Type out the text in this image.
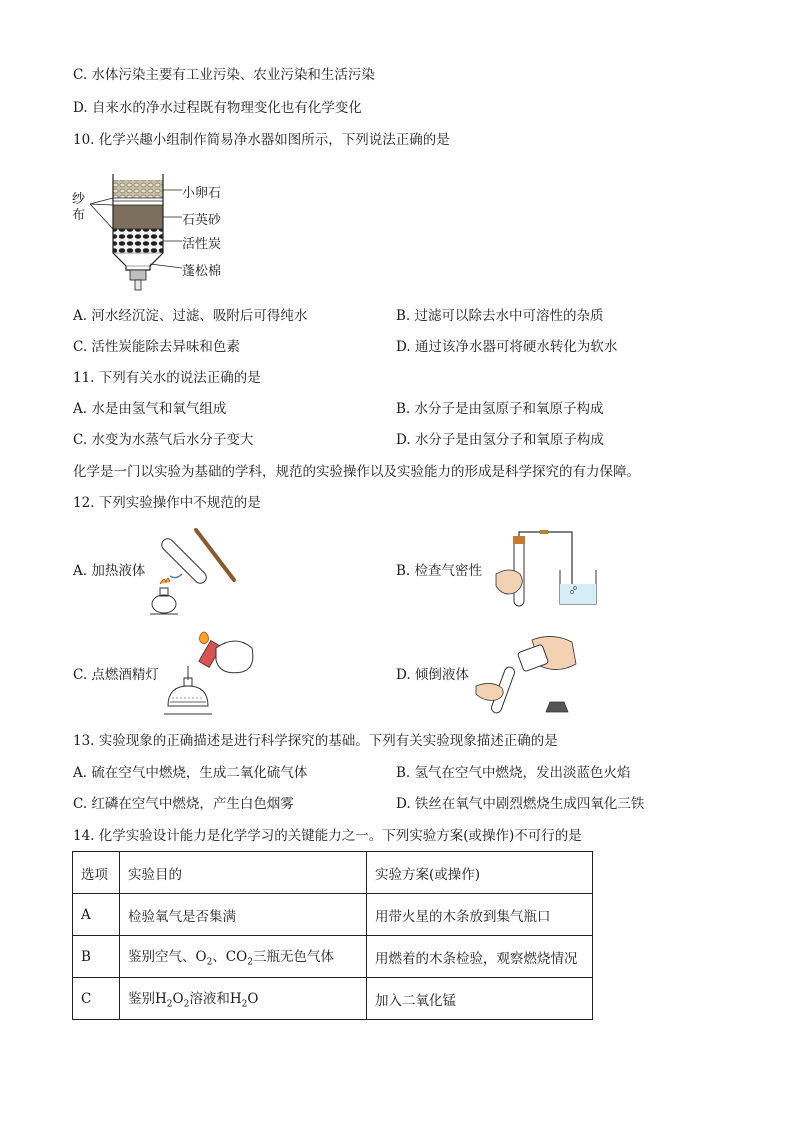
C. 水体污染主要有工业污染、农业污染和生活污染
D. 自来水的净水过程既有物理变化也有化学变化
10. 化学兴趣小组制作简易净水器如图所示，下列说法正确的是
纱布
小卵石
石英砂
活性炭
蓬松棉
A. 河水经沉淀、过滤、吸附后可得纯水	B. 过滤可以除去水中可溶性的杂质
C. 活性炭能除去异味和色素	D. 通过该净水器可将硬水转化为软水
11. 下列有关水的说法正确的是
A. 水是由氢气和氧气组成	B. 水分子是由氢原子和氧原子构成
C. 水变为水蒸气后水分子变大	D. 水分子是由氢分子和氧原子构成
化学是一门以实验为基础的学科，规范的实验操作以及实验能力的形成是科学探究的有力保障。
12. 下列实验操作中不规范的是
A. 加热液体	B. 检查气密性
C. 点燃酒精灯	D. 倾倒液体
13. 实验现象的正确描述是进行科学探究的基础。下列有关实验现象描述正确的是
A. 硫在空气中燃烧，生成二氧化硫气体	B. 氢气在空气中燃烧，发出淡蓝色火焰
C. 红磷在空气中燃烧，产生白色烟雾	D. 铁丝在氧气中剧烈燃烧生成四氧化三铁
14. 化学实验设计能力是化学学习的关键能力之一。下列实验方案(或操作)不可行的是
选项	实验目的	实验方案(或操作)
A	检验氧气是否集满	用带火星的木条放到集气瓶口
B	鉴别空气、$O_2$、$CO_2$三瓶无色气体	用燃着的木条检验，观察燃烧情况
C	鉴别$H_2O_2$溶液和$H_2O$	加入二氧化锰
